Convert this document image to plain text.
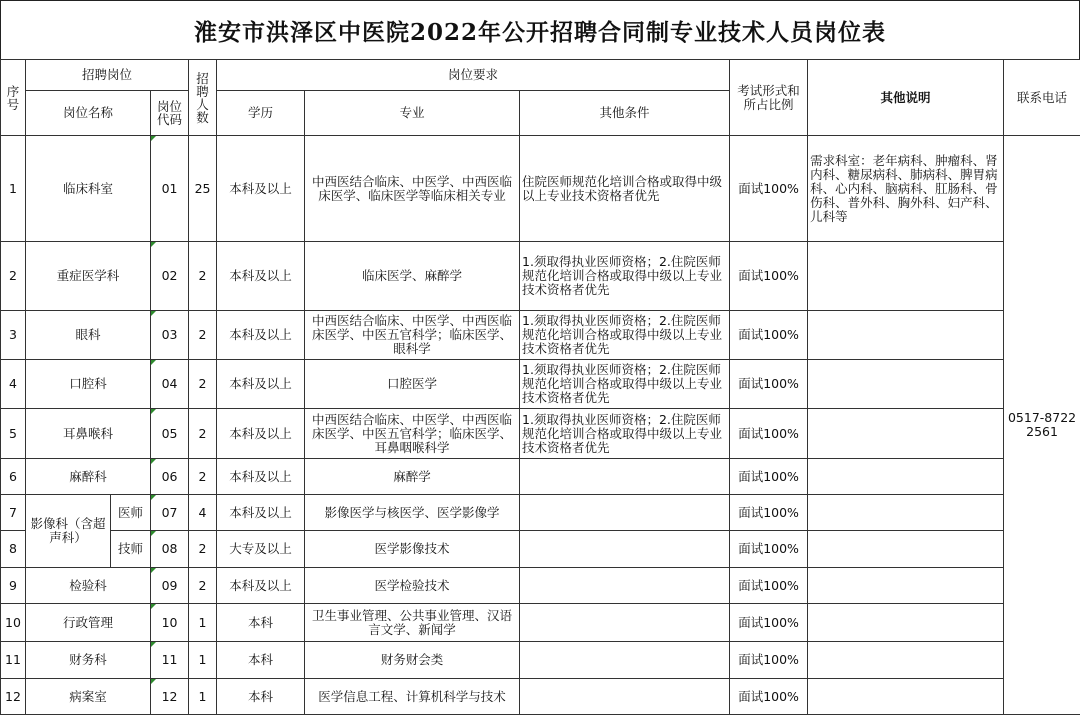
淮安市洪泽区中医院2022年公开招聘合同制专业技术人员岗位表
序号	招聘岗位			招聘人数	岗位要求			考试形式和所占比例	其他说明	联系电话
	岗位名称		岗位代码		学历	专业	其他条件			
1	临床科室		01	25	本科及以上	中西医结合临床、中医学、中西医临床医学、临床医学等临床相关专业	住院医师规范化培训合格或取得中级以上专业技术资格者优先	面试100%	需求科室：老年病科、肿瘤科、肾内科、糖尿病科、肺病科、脾胃病科、心内科、脑病科、肛肠科、骨伤科、普外科、胸外科、妇产科、儿科等	0517-87222561
2	重症医学科		02	2	本科及以上	临床医学、麻醉学	1.须取得执业医师资格；2.住院医师规范化培训合格或取得中级以上专业技术资格者优先	面试100%		
3	眼科		03	2	本科及以上	中西医结合临床、中医学、中西医临床医学、中医五官科学；临床医学、眼科学	1.须取得执业医师资格；2.住院医师规范化培训合格或取得中级以上专业技术资格者优先	面试100%		
4	口腔科		04	2	本科及以上	口腔医学	1.须取得执业医师资格；2.住院医师规范化培训合格或取得中级以上专业技术资格者优先	面试100%		
5	耳鼻喉科		05	2	本科及以上	中西医结合临床、中医学、中西医临床医学、中医五官科学；临床医学、耳鼻咽喉科学	1.须取得执业医师资格；2.住院医师规范化培训合格或取得中级以上专业技术资格者优先	面试100%		
6	麻醉科		06	2	本科及以上	麻醉学		面试100%		
7	影像科（含超声科）	医师	07	4	本科及以上	影像医学与核医学、医学影像学		面试100%		
8		技师	08	2	大专及以上	医学影像技术		面试100%		
9	检验科		09	2	本科及以上	医学检验技术		面试100%		
10	行政管理		10	1	本科	卫生事业管理、公共事业管理、汉语言文学、新闻学		面试100%		
11	财务科		11	1	本科	财务财会类		面试100%		
12	病案室		12	1	本科	医学信息工程、计算机科学与技术		面试100%		
